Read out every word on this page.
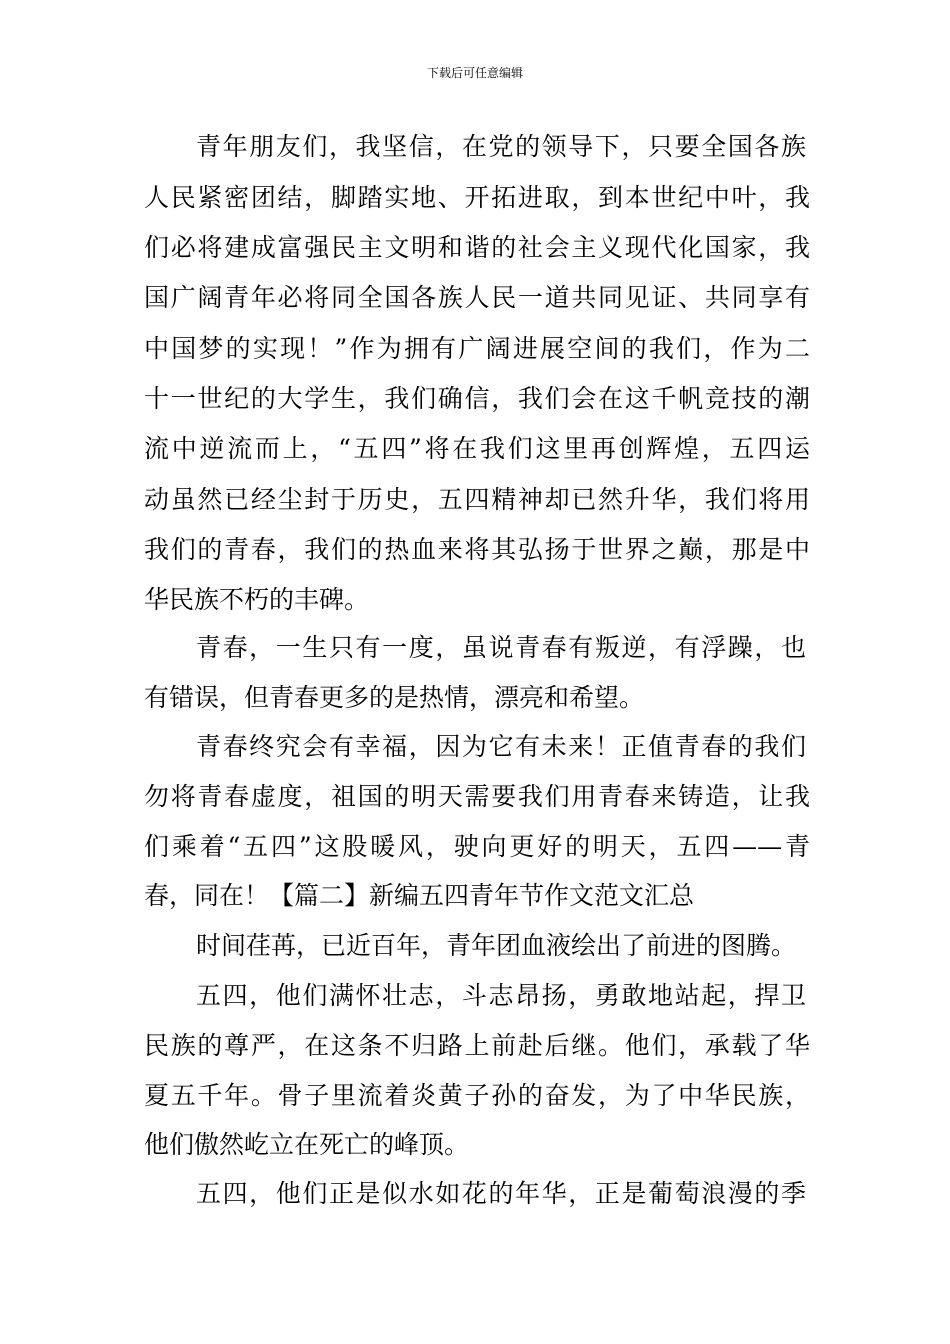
下载后可任意编辑
青年朋友们，我坚信，在党的领导下，只要全国各族
人民紧密团结，脚踏实地、开拓进取，到本世纪中叶，我
们必将建成富强民主文明和谐的社会主义现代化国家，我
国广阔青年必将同全国各族人民一道共同见证、共同享有
中国梦的实现！”作为拥有广阔进展空间的我们，作为二
十一世纪的大学生，我们确信，我们会在这千帆竞技的潮
流中逆流而上，“五四”将在我们这里再创辉煌，五四运
动虽然已经尘封于历史，五四精神却已然升华，我们将用
我们的青春，我们的热血来将其弘扬于世界之巅，那是中
华民族不朽的丰碑。
青春，一生只有一度，虽说青春有叛逆，有浮躁，也
有错误，但青春更多的是热情，漂亮和希望。
青春终究会有幸福，因为它有未来！正值青春的我们
勿将青春虚度，祖国的明天需要我们用青春来铸造，让我
们乘着“五四”这股暖风，驶向更好的明天，五四——青
春，同在！【篇二】新编五四青年节作文范文汇总
时间荏苒，已近百年，青年团血液绘出了前进的图腾。
五四，他们满怀壮志，斗志昂扬，勇敢地站起，捍卫
民族的尊严，在这条不归路上前赴后继。他们，承载了华
夏五千年。骨子里流着炎黄子孙的奋发，为了中华民族，
他们傲然屹立在死亡的峰顶。
五四，他们正是似水如花的年华，正是葡萄浪漫的季
